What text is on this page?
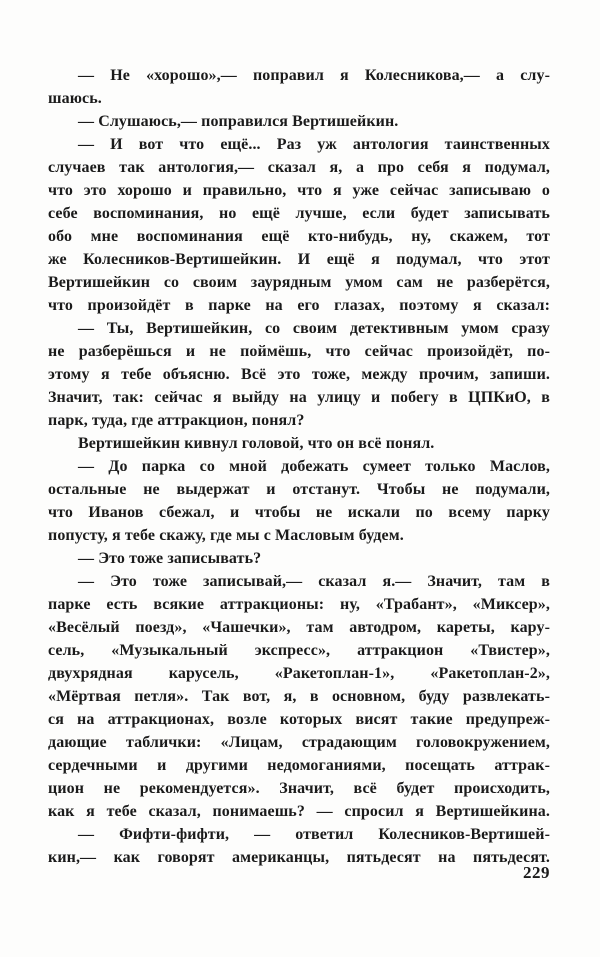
— Не «хорошо»,— поправил я Колесникова,— а слу-
шаюсь.
— Слушаюсь,— поправился Вертишейкин.
— И вот что ещё... Раз уж антология таинственных
случаев так антология,— сказал я, а про себя я подумал,
что это хорошо и правильно, что я уже сейчас записываю о
себе воспоминания, но ещё лучше, если будет записывать
обо мне воспоминания ещё кто-нибудь, ну, скажем, тот
же Колесников-Вертишейкин. И ещё я подумал, что этот
Вертишейкин со своим заурядным умом сам не разберётся,
что произойдёт в парке на его глазах, поэтому я сказал:
— Ты, Вертишейкин, со своим детективным умом сразу
не разберёшься и не поймёшь, что сейчас произойдёт, по-
этому я тебе объясню. Всё это тоже, между прочим, запиши.
Значит, так: сейчас я выйду на улицу и побегу в ЦПКиО, в
парк, туда, где аттракцион, понял?
Вертишейкин кивнул головой, что он всё понял.
— До парка со мной добежать сумеет только Маслов,
остальные не выдержат и отстанут. Чтобы не подумали,
что Иванов сбежал, и чтобы не искали по всему парку
попусту, я тебе скажу, где мы с Масловым будем.
— Это тоже записывать?
— Это тоже записывай,— сказал я.— Значит, там в
парке есть всякие аттракционы: ну, «Трабант», «Миксер»,
«Весёлый поезд», «Чашечки», там автодром, кареты, кару-
сель, «Музыкальный экспресс», аттракцион «Твистер»,
двухрядная карусель, «Ракетоплан-1», «Ракетоплан-2»,
«Мёртвая петля». Так вот, я, в основном, буду развлекать-
ся на аттракционах, возле которых висят такие предупреж-
дающие таблички: «Лицам, страдающим головокружением,
сердечными и другими недомоганиями, посещать аттрак-
цион не рекомендуется». Значит, всё будет происходить,
как я тебе сказал, понимаешь? — спросил я Вертишейкина.
— Фифти-фифти, — ответил Колесников-Вертишей-
кин,— как говорят американцы, пятьдесят на пятьдесят.
229
